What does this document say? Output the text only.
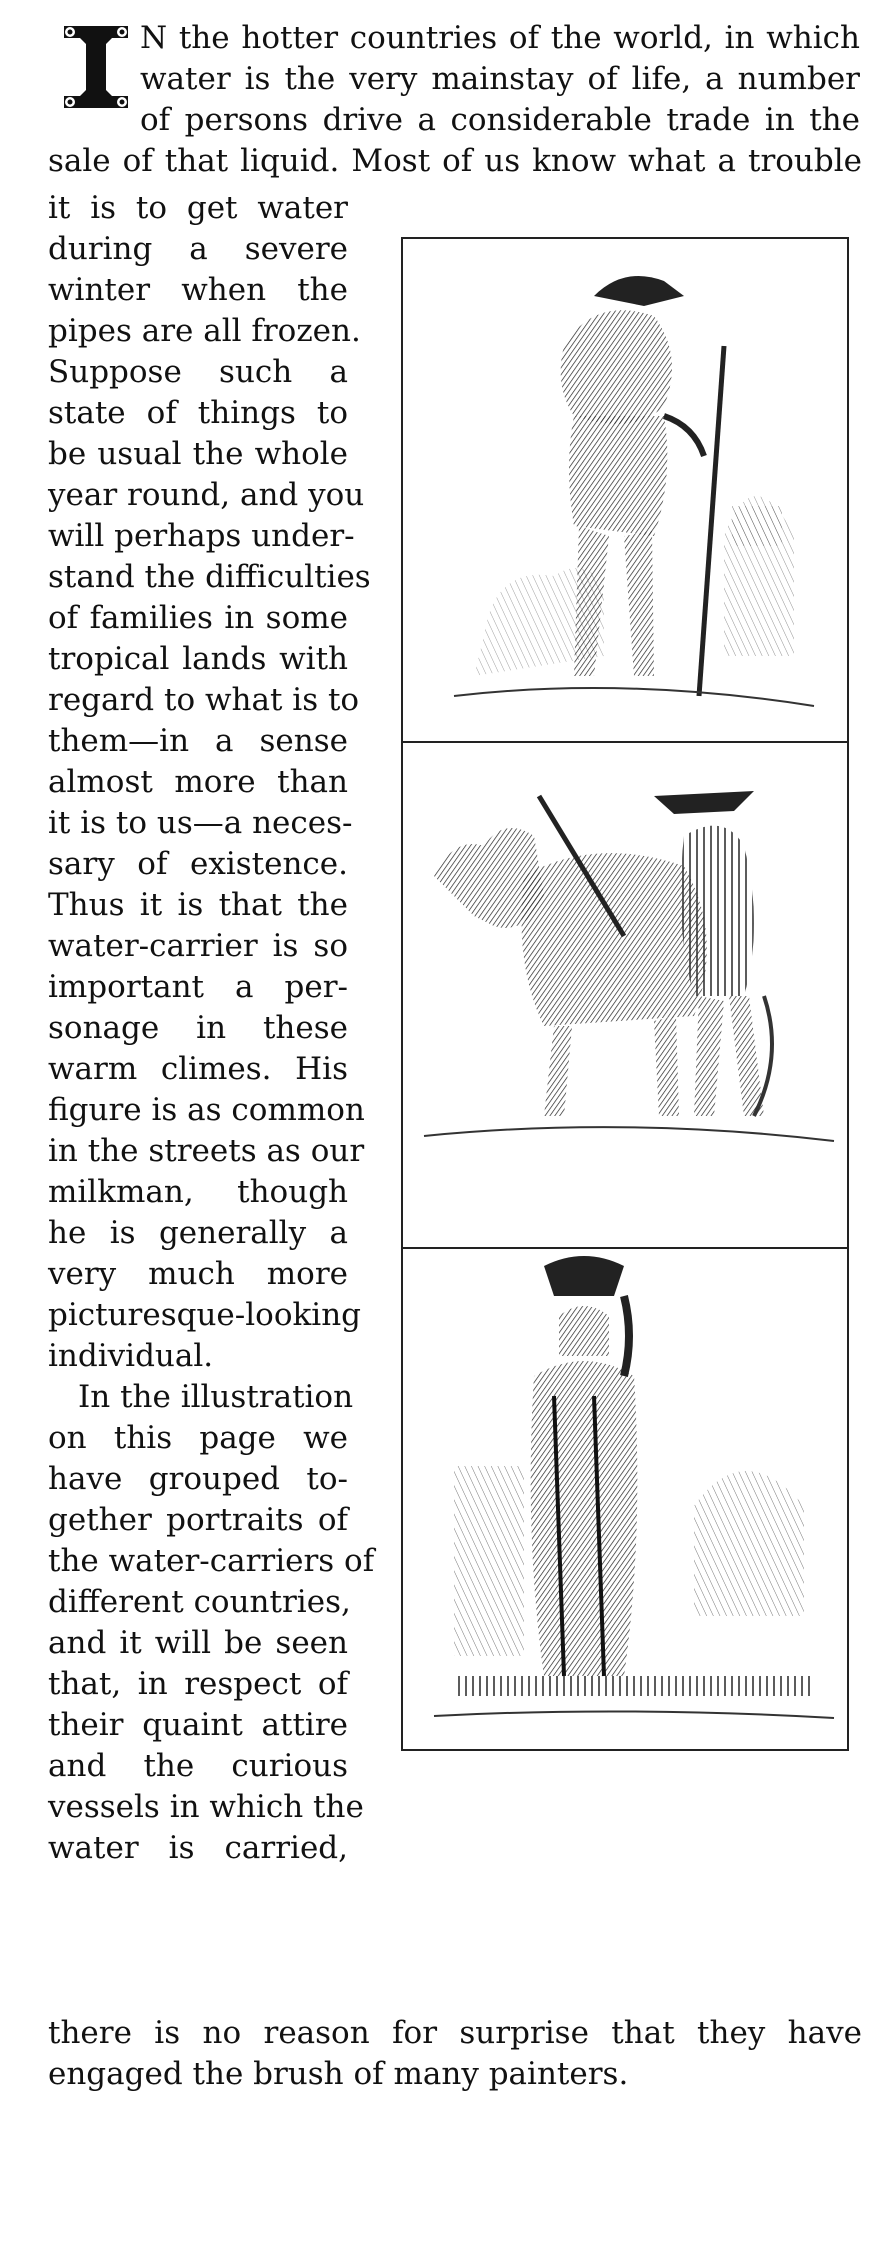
N the hotter countries of the world, in which
water is the very mainstay of life, a number
of persons drive a considerable trade in the
sale of that liquid. Most of us know what a trouble
it is to get water
during a severe
winter when the
pipes are all frozen.
Suppose such a
state of things to
be usual the whole
year round, and you
will perhaps under-
stand the difficulties
of families in some
tropical lands with
regard to what is to
them—in a sense
almost more than
it is to us—a neces-
sary of existence.
Thus it is that the
water-carrier is so
important a per-
sonage in these
warm climes. His
figure is as common
in the streets as our
milkman, though
he is generally a
very much more
picturesque-looking
individual.
In the illustration
on this page we
have grouped to-
gether portraits of
the water-carriers of
different countries,
and it will be seen
that, in respect of
their quaint attire
and the curious
vessels in which the
water is carried,
there is no reason for surprise that they have
engaged the brush of many painters.
